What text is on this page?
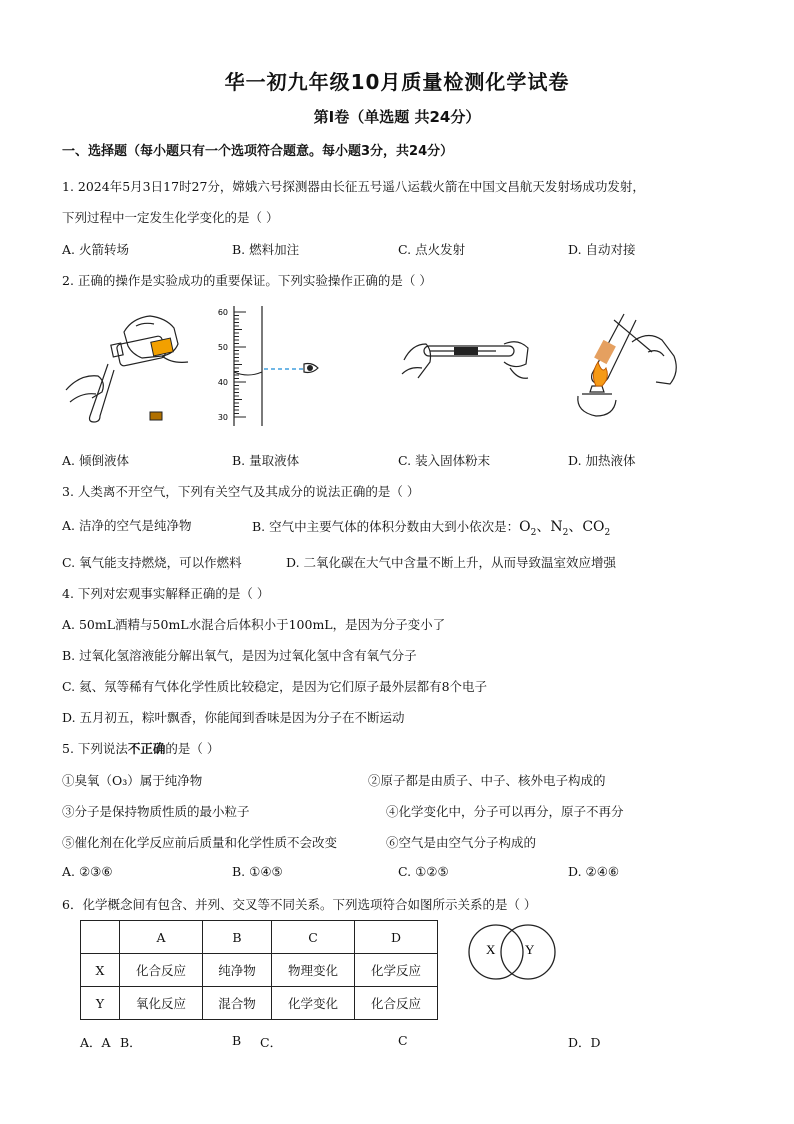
华一初九年级10月质量检测化学试卷
第Ⅰ卷（单选题 共24分）
一、选择题（每小题只有一个选项符合题意。每小题3分，共24分）
1. 2024年5月3日17时27分，嫦娥六号探测器由长征五号遥八运载火箭在中国文昌航天发射场成功发射，
下列过程中一定发生化学变化的是（ ）
A. 火箭转场	B. 燃料加注	C. 点火发射	D. 自动对接
2. 正确的操作是实验成功的重要保证。下列实验操作正确的是（ ）
60
50
40
30
A. 倾倒液体	B. 量取液体	C. 装入固体粉末	D. 加热液体
3. 人类离不开空气，下列有关空气及其成分的说法正确的是（ ）
A. 洁净的空气是纯净物	B. 空气中主要气体的体积分数由大到小依次是：$O_2$、$N_2$、$CO_2$
C. 氧气能支持燃烧，可以作燃料	D. 二氧化碳在大气中含量不断上升，从而导致温室效应增强
4. 下列对宏观事实解释正确的是（ ）
A. 50mL酒精与50mL水混合后体积小于100mL，是因为分子变小了
B. 过氧化氢溶液能分解出氧气，是因为过氧化氢中含有氧气分子
C. 氦、氖等稀有气体化学性质比较稳定，是因为它们原子最外层都有8个电子
D. 五月初五，粽叶飘香，你能闻到香味是因为分子在不断运动
5. 下列说法不正确的是（ ）
①臭氧（O₃）属于纯净物	②原子都是由质子、中子、核外电子构成的
③分子是保持物质性质的最小粒子	④化学变化中，分子可以再分，原子不再分
⑤催化剂在化学反应前后质量和化学性质不会改变	⑥空气是由空气分子构成的
A. ②③⑥	B. ①④⑤	C. ①②⑤	D. ②④⑥
6．化学概念间有包含、并列、交叉等不同关系。下列选项符合如图所示关系的是（ ）
	A	B	C	D
X	化合反应	纯净物	物理变化	化学反应
Y	氧化反应	混合物	化学变化	化合反应
X Y
A．A B．	B C．	C	D．D
